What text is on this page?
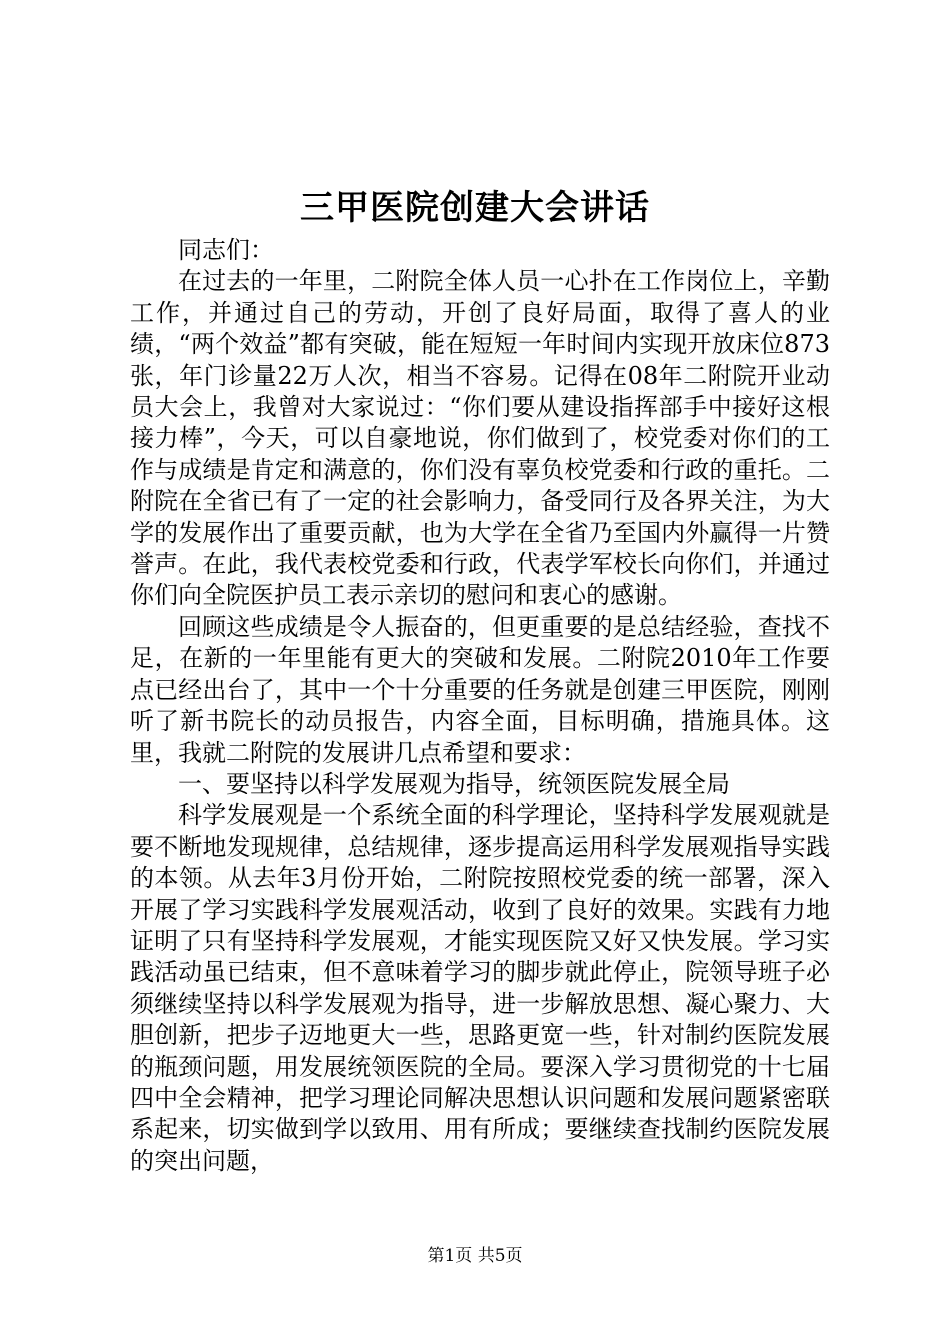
三甲医院创建大会讲话

同志们：

在过去的一年里，二附院全体人员一心扑在工作岗位上，辛勤工作，并通过自己的劳动，开创了良好局面，取得了喜人的业绩，“两个效益”都有突破，能在短短一年时间内实现开放床位873张，年门诊量22万人次，相当不容易。记得在08年二附院开业动员大会上，我曾对大家说过：“你们要从建设指挥部手中接好这根接力棒”，今天，可以自豪地说，你们做到了，校党委对你们的工作与成绩是肯定和满意的，你们没有辜负校党委和行政的重托。二附院在全省已有了一定的社会影响力，备受同行及各界关注，为大学的发展作出了重要贡献，也为大学在全省乃至国内外赢得一片赞誉声。在此，我代表校党委和行政，代表学军校长向你们，并通过你们向全院医护员工表示亲切的慰问和衷心的感谢。

回顾这些成绩是令人振奋的，但更重要的是总结经验，查找不足，在新的一年里能有更大的突破和发展。二附院2010年工作要点已经出台了，其中一个十分重要的任务就是创建三甲医院，刚刚听了新书院长的动员报告，内容全面，目标明确，措施具体。这里，我就二附院的发展讲几点希望和要求：

一、要坚持以科学发展观为指导，统领医院发展全局

科学发展观是一个系统全面的科学理论，坚持科学发展观就是要不断地发现规律，总结规律，逐步提高运用科学发展观指导实践的本领。从去年3月份开始，二附院按照校党委的统一部署，深入开展了学习实践科学发展观活动，收到了良好的效果。实践有力地证明了只有坚持科学发展观，才能实现医院又好又快发展。学习实践活动虽已结束，但不意味着学习的脚步就此停止，院领导班子必须继续坚持以科学发展观为指导，进一步解放思想、凝心聚力、大胆创新，把步子迈地更大一些，思路更宽一些，针对制约医院发展的瓶颈问题，用发展统领医院的全局。要深入学习贯彻党的十七届四中全会精神，把学习理论同解决思想认识问题和发展问题紧密联系起来，切实做到学以致用、用有所成；要继续查找制约医院发展的突出问题，

第1页 共5页
